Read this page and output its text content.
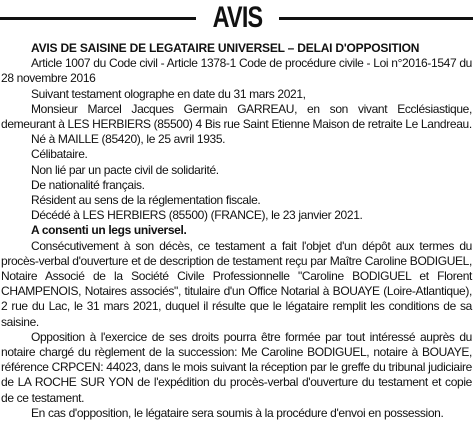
AVIS

AVIS DE SAISINE DE LEGATAIRE UNIVERSEL – DELAI D'OPPOSITION

Article 1007 du Code civil - Article 1378-1 Code de procédure civile - Loi n°2016-1547 du 28 novembre 2016

Suivant testament olographe en date du 31 mars 2021,

Monsieur Marcel Jacques Germain GARREAU, en son vivant Ecclésiastique, demeurant à LES HERBIERS (85500) 4 Bis rue Saint Etienne Maison de retraite Le Landreau.

Né à MAILLE (85420), le 25 avril 1935.

Célibataire.

Non lié par un pacte civil de solidarité.

De nationalité français.

Résident au sens de la réglementation fiscale.

Décédé à LES HERBIERS (85500) (FRANCE), le 23 janvier 2021.

A consenti un legs universel.

Consécutivement à son décès, ce testament a fait l'objet d'un dépôt aux termes du procès-verbal d'ouverture et de description de testament reçu par Maître Caroline BODIGUEL, Notaire Associé de la Société Civile Professionnelle "Caroline BODIGUEL et Florent CHAMPENOIS, Notaires associés", titulaire d'un Office Notarial à BOUAYE (Loire-Atlantique), 2 rue du Lac, le 31 mars 2021, duquel il résulte que le légataire remplit les conditions de sa saisine.

Opposition à l'exercice de ses droits pourra être formée par tout intéressé auprès du notaire chargé du règlement de la succession: Me Caroline BODIGUEL, notaire à BOUAYE, référence CRPCEN: 44023, dans le mois suivant la réception par le greffe du tribunal judiciaire de LA ROCHE SUR YON de l'expédition du procès-verbal d'ouverture du testament et copie de ce testament.

En cas d'opposition, le légataire sera soumis à la procédure d'envoi en possession.
